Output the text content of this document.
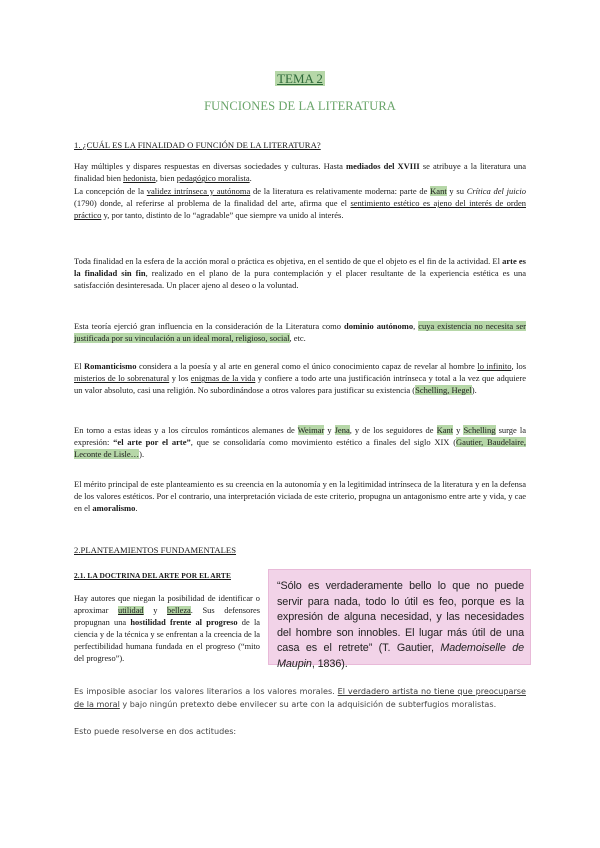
TEMA 2
FUNCIONES DE LA LITERATURA
1. ¿CUÁL ES LA FINALIDAD O FUNCIÓN DE LA LITERATURA?
Hay múltiples y dispares respuestas en diversas sociedades y culturas. Hasta mediados del XVIII se atribuye a la literatura una finalidad bien hedonista, bien pedagógico moralista.
La concepción de la validez intrínseca y autónoma de la literatura es relativamente moderna: parte de Kant y su Crítica del juicio (1790) donde, al referirse al problema de la finalidad del arte, afirma que el sentimiento estético es ajeno del interés de orden práctico y, por tanto, distinto de lo “agradable” que siempre va unido al interés.
Toda finalidad en la esfera de la acción moral o práctica es objetiva, en el sentido de que el objeto es el fin de la actividad. El arte es la finalidad sin fin, realizado en el plano de la pura contemplación y el placer resultante de la experiencia estética es una satisfacción desinteresada. Un placer ajeno al deseo o la voluntad.
Esta teoría ejerció gran influencia en la consideración de la Literatura como dominio autónomo, cuya existencia no necesita ser justificada por su vinculación a un ideal moral, religioso, social, etc.
El Romanticismo considera a la poesía y al arte en general como el único conocimiento capaz de revelar al hombre lo infinito, los misterios de lo sobrenatural y los enigmas de la vida y confiere a todo arte una justificación intrínseca y total a la vez que adquiere un valor absoluto, casi una religión. No subordinándose a otros valores para justificar su existencia (Schelling, Hegel).
En torno a estas ideas y a los círculos románticos alemanes de Weimar y Jena, y de los seguidores de Kant y Schelling surge la expresión: “el arte por el arte”, que se consolidaría como movimiento estético a finales del siglo XIX (Gautier, Baudelaire, Leconte de Lisle…).
El mérito principal de este planteamiento es su creencia en la autonomía y en la legitimidad intrínseca de la literatura y en la defensa de los valores estéticos. Por el contrario, una interpretación viciada de este criterio, propugna un antagonismo entre arte y vida, y cae en el amoralismo.
2.PLANTEAMIENTOS FUNDAMENTALES
2.1. LA DOCTRINA DEL ARTE POR EL ARTE
Hay autores que niegan la posibilidad de identificar o aproximar utilidad y belleza. Sus defensores propugnan una hostilidad frente al progreso de la ciencia y de la técnica y se enfrentan a la creencia de la perfectibilidad humana fundada en el progreso (“mito del progreso”).
“Sólo es verdaderamente bello lo que no puede servir para nada, todo lo útil es feo, porque es la expresión de alguna necesidad, y las necesidades del hombre son innobles. El lugar más útil de una casa es el retrete” (T. Gautier, Mademoiselle de Maupin, 1836).
Es imposible asociar los valores literarios a los valores morales. El verdadero artista no tiene que preocuparse de la moral y bajo ningún pretexto debe envilecer su arte con la adquisición de subterfugios moralistas.
Esto puede resolverse en dos actitudes:
